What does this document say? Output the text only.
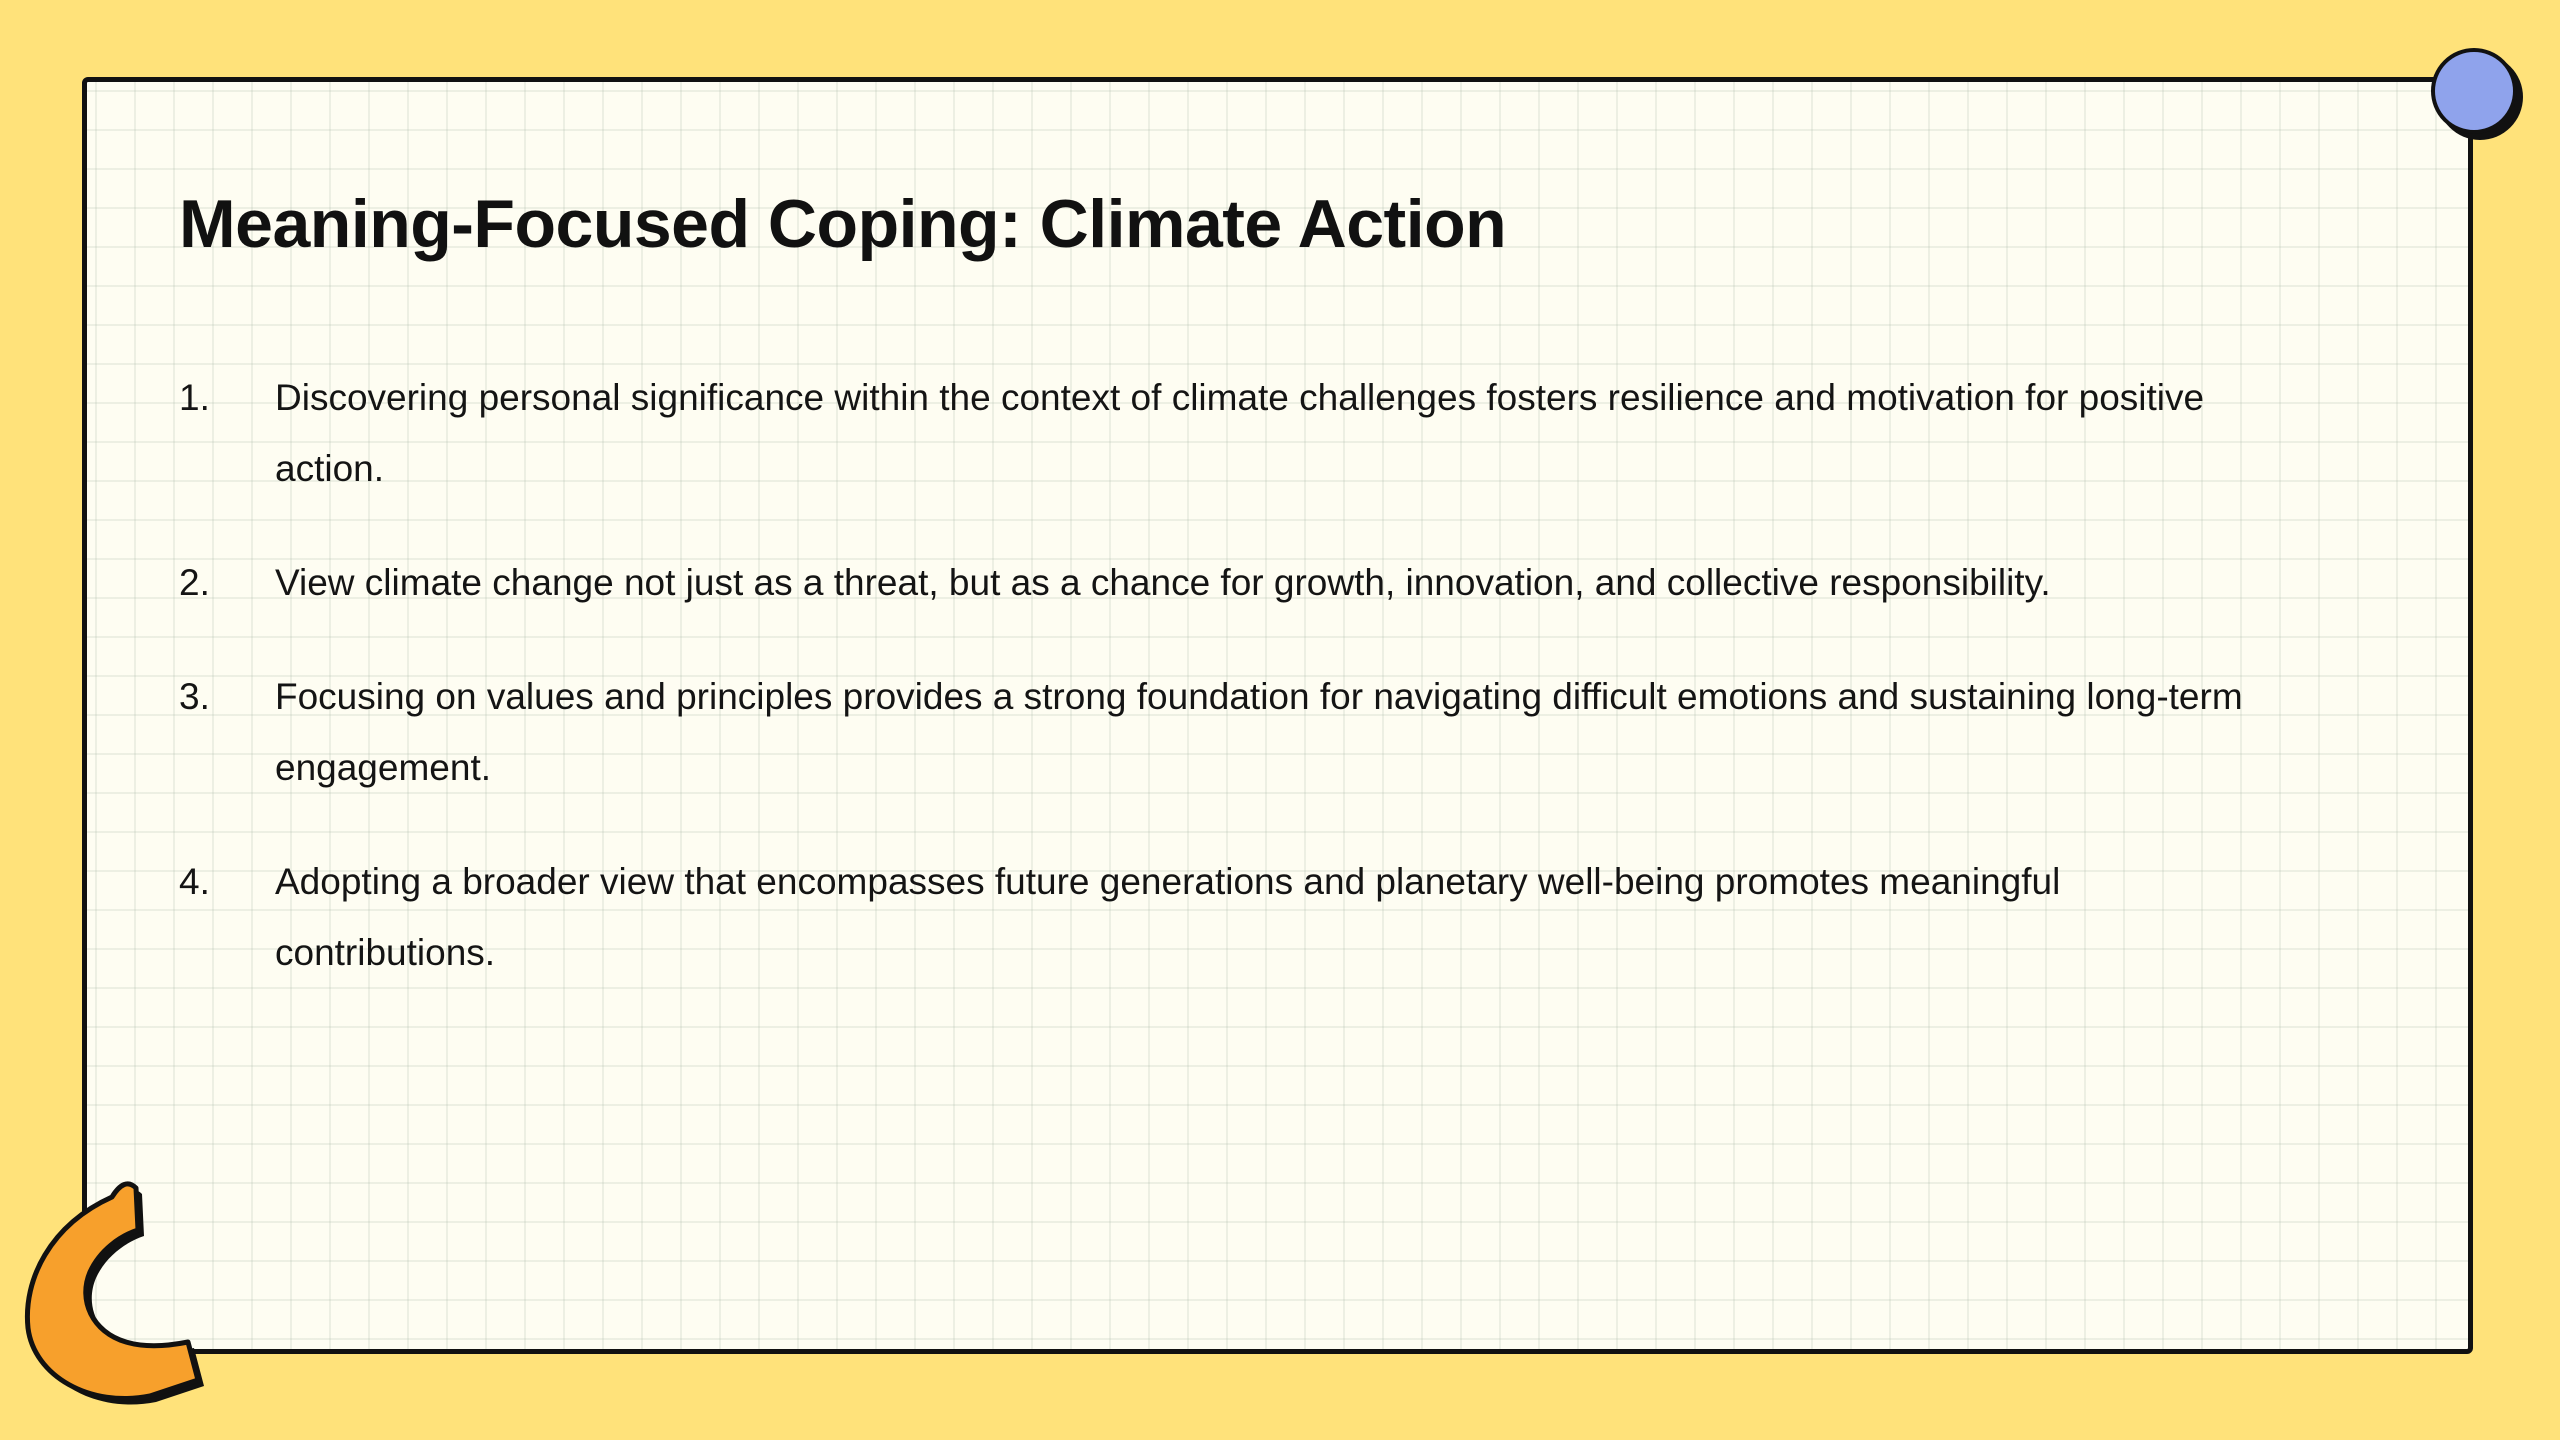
Meaning-Focused Coping: Climate Action
1. Discovering personal significance within the context of climate challenges fosters resilience and motivation for positive action.
2. View climate change not just as a threat, but as a chance for growth, innovation, and collective responsibility.
3. Focusing on values and principles provides a strong foundation for navigating difficult emotions and sustaining long-term engagement.
4. Adopting a broader view that encompasses future generations and planetary well-being promotes meaningful contributions.
